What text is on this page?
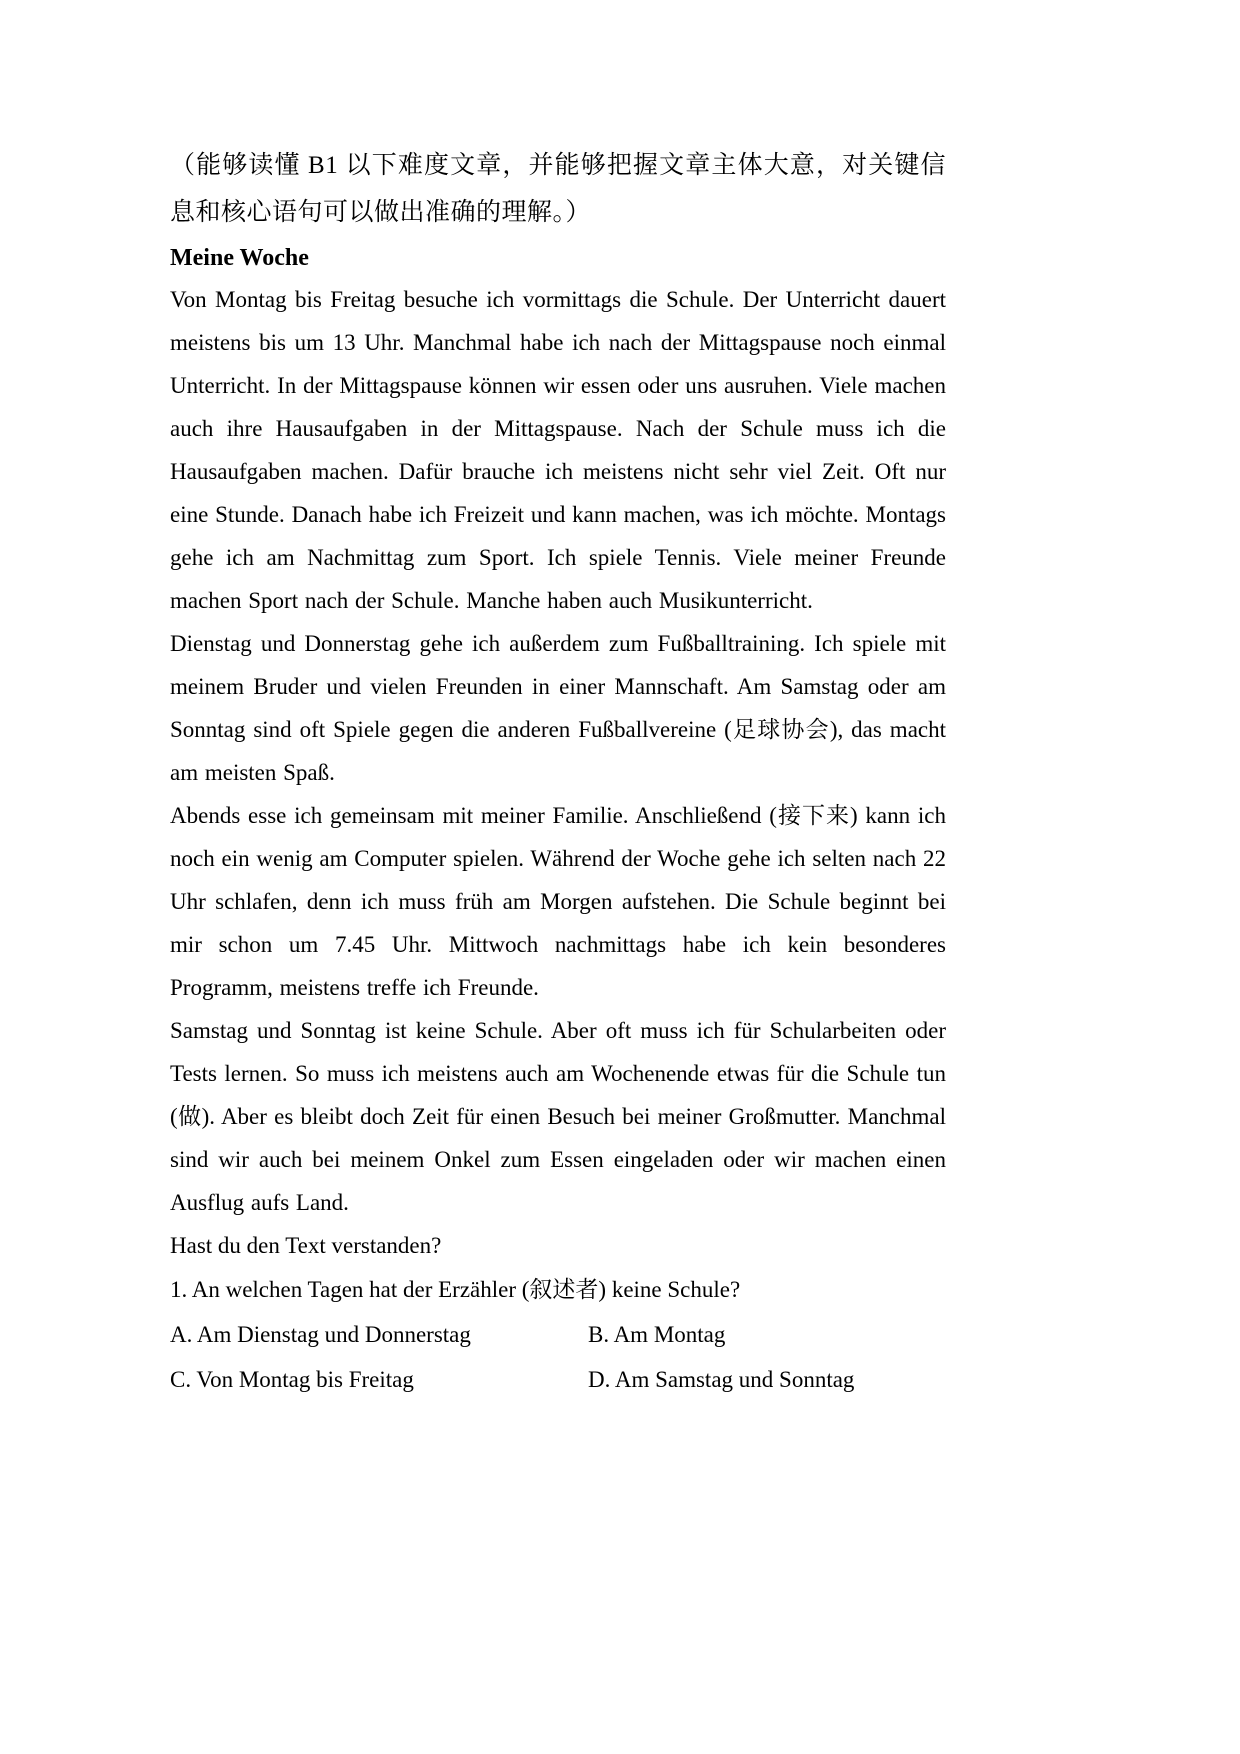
（能够读懂 B1 以下难度文章，并能够把握文章主体大意，对关键信息和核心语句可以做出准确的理解。）
Meine Woche
Von Montag bis Freitag besuche ich vormittags die Schule. Der Unterricht dauert meistens bis um 13 Uhr. Manchmal habe ich nach der Mittagspause noch einmal Unterricht. In der Mittagspause können wir essen oder uns ausruhen. Viele machen auch ihre Hausaufgaben in der Mittagspause. Nach der Schule muss ich die Hausaufgaben machen. Dafür brauche ich meistens nicht sehr viel Zeit. Oft nur eine Stunde. Danach habe ich Freizeit und kann machen, was ich möchte. Montags gehe ich am Nachmittag zum Sport. Ich spiele Tennis. Viele meiner Freunde machen Sport nach der Schule. Manche haben auch Musikunterricht.
Dienstag und Donnerstag gehe ich außerdem zum Fußballtraining. Ich spiele mit meinem Bruder und vielen Freunden in einer Mannschaft. Am Samstag oder am Sonntag sind oft Spiele gegen die anderen Fußballvereine (足球协会), das macht am meisten Spaß.
Abends esse ich gemeinsam mit meiner Familie. Anschließend (接下来) kann ich noch ein wenig am Computer spielen. Während der Woche gehe ich selten nach 22 Uhr schlafen, denn ich muss früh am Morgen aufstehen. Die Schule beginnt bei mir schon um 7.45 Uhr. Mittwoch nachmittags habe ich kein besonderes Programm, meistens treffe ich Freunde.
Samstag und Sonntag ist keine Schule. Aber oft muss ich für Schularbeiten oder Tests lernen. So muss ich meistens auch am Wochenende etwas für die Schule tun (做). Aber es bleibt doch Zeit für einen Besuch bei meiner Großmutter. Manchmal sind wir auch bei meinem Onkel zum Essen eingeladen oder wir machen einen Ausflug aufs Land.
Hast du den Text verstanden?
1. An welchen Tagen hat der Erzähler (叙述者) keine Schule?
A. Am Dienstag und Donnerstag	B. Am Montag
C. Von Montag bis Freitag	D. Am Samstag und Sonntag
